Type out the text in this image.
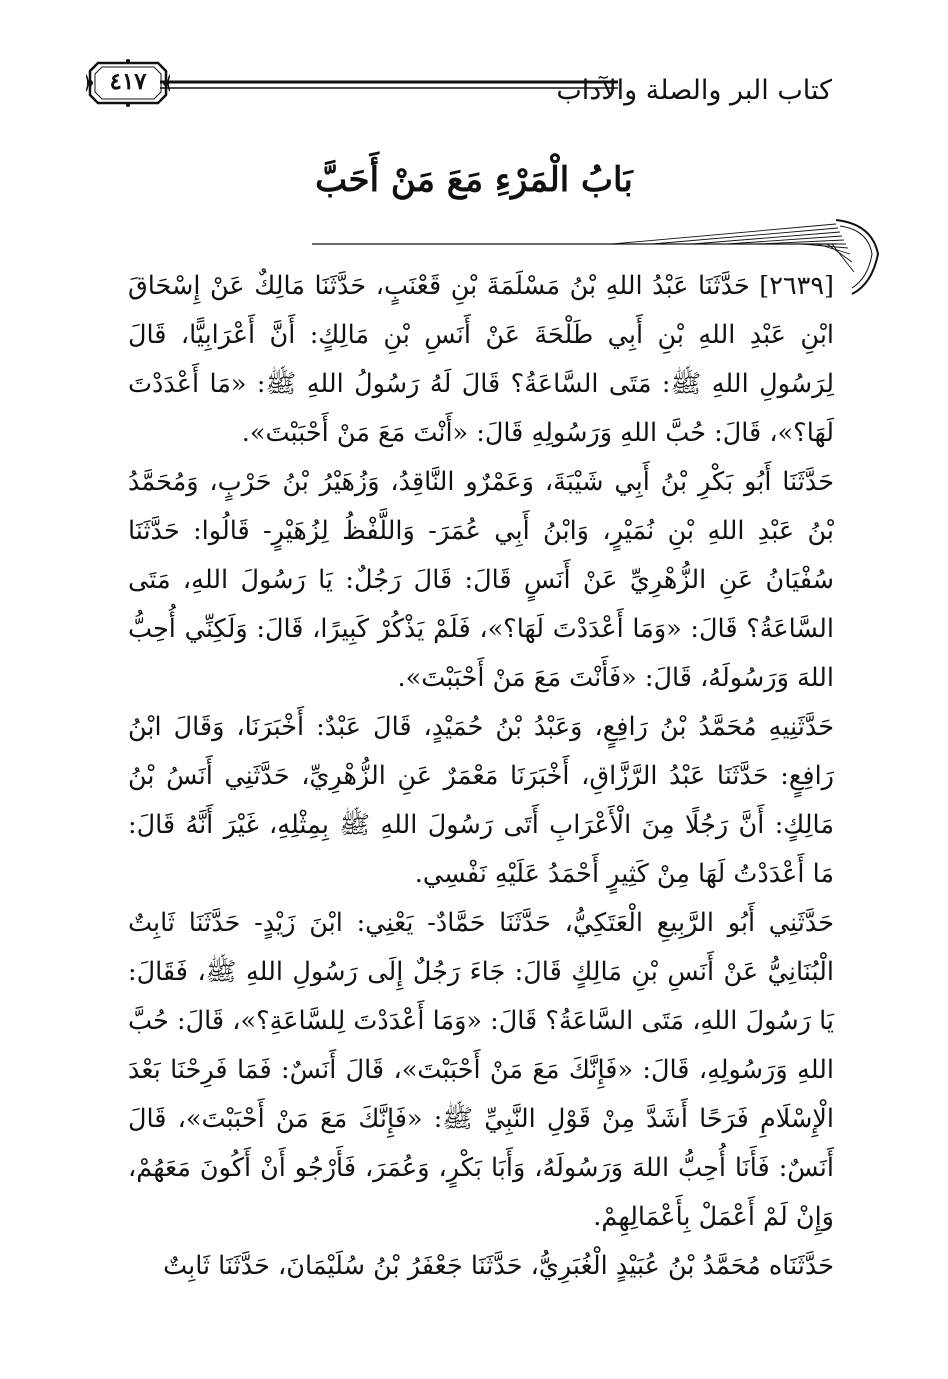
كتاب البر والصلة والآداب
٤١٧
بَابُ الْمَرْءِ مَعَ مَنْ أَحَبَّ

[٢٦٣٩] حَدَّثَنَا عَبْدُ اللهِ بْنُ مَسْلَمَةَ بْنِ قَعْنَبٍ، حَدَّثَنَا مَالِكٌ عَنْ إِسْحَاقَ ابْنِ عَبْدِ اللهِ بْنِ أَبِي طَلْحَةَ عَنْ أَنَسِ بْنِ مَالِكٍ: أَنَّ أَعْرَابِيًّا، قَالَ لِرَسُولِ اللهِ ﷺ: مَتَى السَّاعَةُ؟ قَالَ لَهُ رَسُولُ اللهِ ﷺ: «مَا أَعْدَدْتَ لَهَا؟»، قَالَ: حُبَّ اللهِ وَرَسُولِهِ قَالَ: «أَنْتَ مَعَ مَنْ أَحْبَبْتَ».

حَدَّثَنَا أَبُو بَكْرِ بْنُ أَبِي شَيْبَةَ، وَعَمْرٌو النَّاقِدُ، وَزُهَيْرُ بْنُ حَرْبٍ، وَمُحَمَّدُ بْنُ عَبْدِ اللهِ بْنِ نُمَيْرٍ، وَابْنُ أَبِي عُمَرَ- وَاللَّفْظُ لِزُهَيْرٍ- قَالُوا: حَدَّثَنَا سُفْيَانُ عَنِ الزُّهْرِيِّ عَنْ أَنَسٍ قَالَ: قَالَ رَجُلٌ: يَا رَسُولَ اللهِ، مَتَى السَّاعَةُ؟ قَالَ: «وَمَا أَعْدَدْتَ لَهَا؟»، فَلَمْ يَذْكُرْ كَبِيرًا، قَالَ: وَلَكِنِّي أُحِبُّ اللهَ وَرَسُولَهُ، قَالَ: «فَأَنْتَ مَعَ مَنْ أَحْبَبْتَ».

حَدَّثَنِيهِ مُحَمَّدُ بْنُ رَافِعٍ، وَعَبْدُ بْنُ حُمَيْدٍ، قَالَ عَبْدٌ: أَخْبَرَنَا، وَقَالَ ابْنُ رَافِعٍ: حَدَّثَنَا عَبْدُ الرَّزَّاقِ، أَخْبَرَنَا مَعْمَرٌ عَنِ الزُّهْرِيِّ، حَدَّثَنِي أَنَسُ بْنُ مَالِكٍ: أَنَّ رَجُلًا مِنَ الْأَعْرَابِ أَتَى رَسُولَ اللهِ ﷺ بِمِثْلِهِ، غَيْرَ أَنَّهُ قَالَ: مَا أَعْدَدْتُ لَهَا مِنْ كَثِيرٍ أَحْمَدُ عَلَيْهِ نَفْسِي.

حَدَّثَنِي أَبُو الرَّبِيعِ الْعَتَكِيُّ، حَدَّثَنَا حَمَّادٌ- يَعْنِي: ابْنَ زَيْدٍ- حَدَّثَنَا ثَابِتٌ الْبُنَانِيُّ عَنْ أَنَسِ بْنِ مَالِكٍ قَالَ: جَاءَ رَجُلٌ إِلَى رَسُولِ اللهِ ﷺ، فَقَالَ: يَا رَسُولَ اللهِ، مَتَى السَّاعَةُ؟ قَالَ: «وَمَا أَعْدَدْتَ لِلسَّاعَةِ؟»، قَالَ: حُبَّ اللهِ وَرَسُولِهِ، قَالَ: «فَإِنَّكَ مَعَ مَنْ أَحْبَبْتَ»، قَالَ أَنَسٌ: فَمَا فَرِحْنَا بَعْدَ الْإِسْلَامِ فَرَحًا أَشَدَّ مِنْ قَوْلِ النَّبِيِّ ﷺ: «فَإِنَّكَ مَعَ مَنْ أَحْبَبْتَ»، قَالَ أَنَسٌ: فَأَنَا أُحِبُّ اللهَ وَرَسُولَهُ، وَأَبَا بَكْرٍ، وَعُمَرَ، فَأَرْجُو أَنْ أَكُونَ مَعَهُمْ، وَإِنْ لَمْ أَعْمَلْ بِأَعْمَالِهِمْ.

حَدَّثَنَاه مُحَمَّدُ بْنُ عُبَيْدٍ الْغُبَرِيُّ، حَدَّثَنَا جَعْفَرُ بْنُ سُلَيْمَانَ، حَدَّثَنَا ثَابِتٌ
